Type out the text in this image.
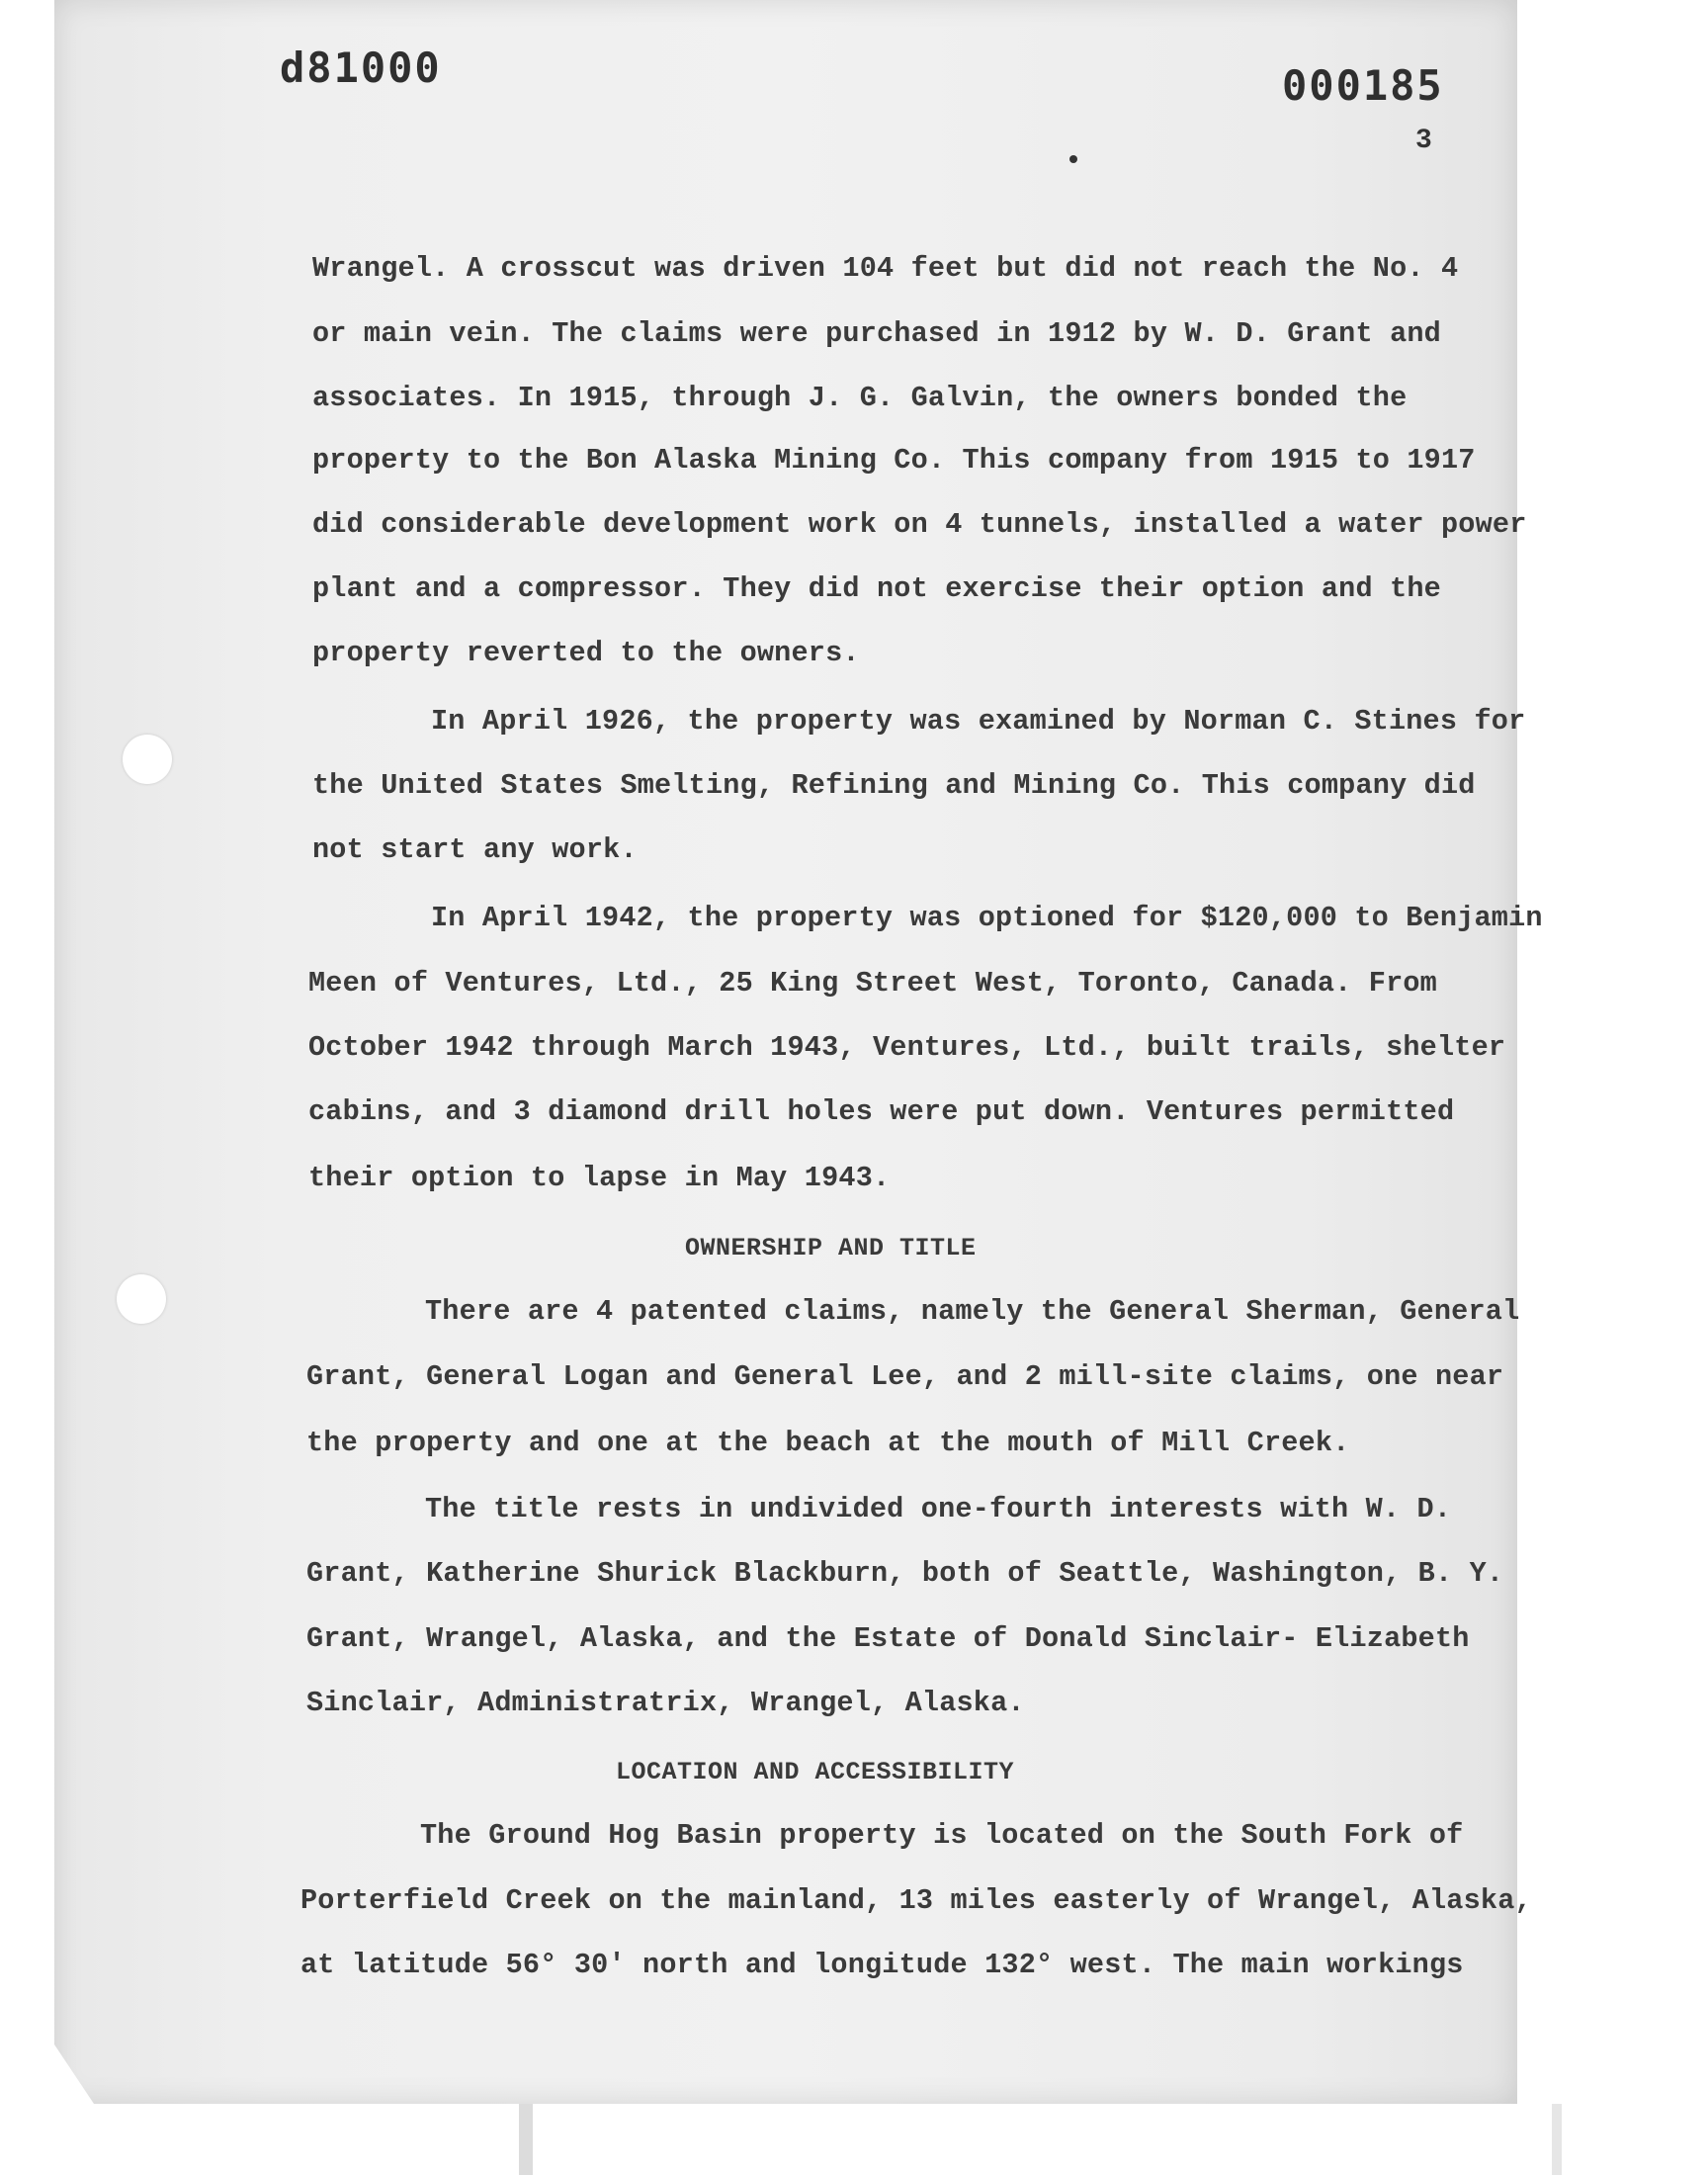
d81000	000185
3
Wrangel. A crosscut was driven 104 feet but did not reach the No. 4
or main vein. The claims were purchased in 1912 by W. D. Grant and
associates. In 1915, through J. G. Galvin, the owners bonded the
property to the Bon Alaska Mining Co. This company from 1915 to 1917
did considerable development work on 4 tunnels, installed a water power
plant and a compressor. They did not exercise their option and the
property reverted to the owners.
In April 1926, the property was examined by Norman C. Stines for
the United States Smelting, Refining and Mining Co. This company did
not start any work.
In April 1942, the property was optioned for $120,000 to Benjamin
Meen of Ventures, Ltd., 25 King Street West, Toronto, Canada. From
October 1942 through March 1943, Ventures, Ltd., built trails, shelter
cabins, and 3 diamond drill holes were put down. Ventures permitted
their option to lapse in May 1943.
OWNERSHIP AND TITLE
There are 4 patented claims, namely the General Sherman, General
Grant, General Logan and General Lee, and 2 mill-site claims, one near
the property and one at the beach at the mouth of Mill Creek.
The title rests in undivided one-fourth interests with W. D.
Grant, Katherine Shurick Blackburn, both of Seattle, Washington, B. Y.
Grant, Wrangel, Alaska, and the Estate of Donald Sinclair- Elizabeth
Sinclair, Administratrix, Wrangel, Alaska.
LOCATION AND ACCESSIBILITY
The Ground Hog Basin property is located on the South Fork of
Porterfield Creek on the mainland, 13 miles easterly of Wrangel, Alaska,
at latitude 56° 30' north and longitude 132° west. The main workings
